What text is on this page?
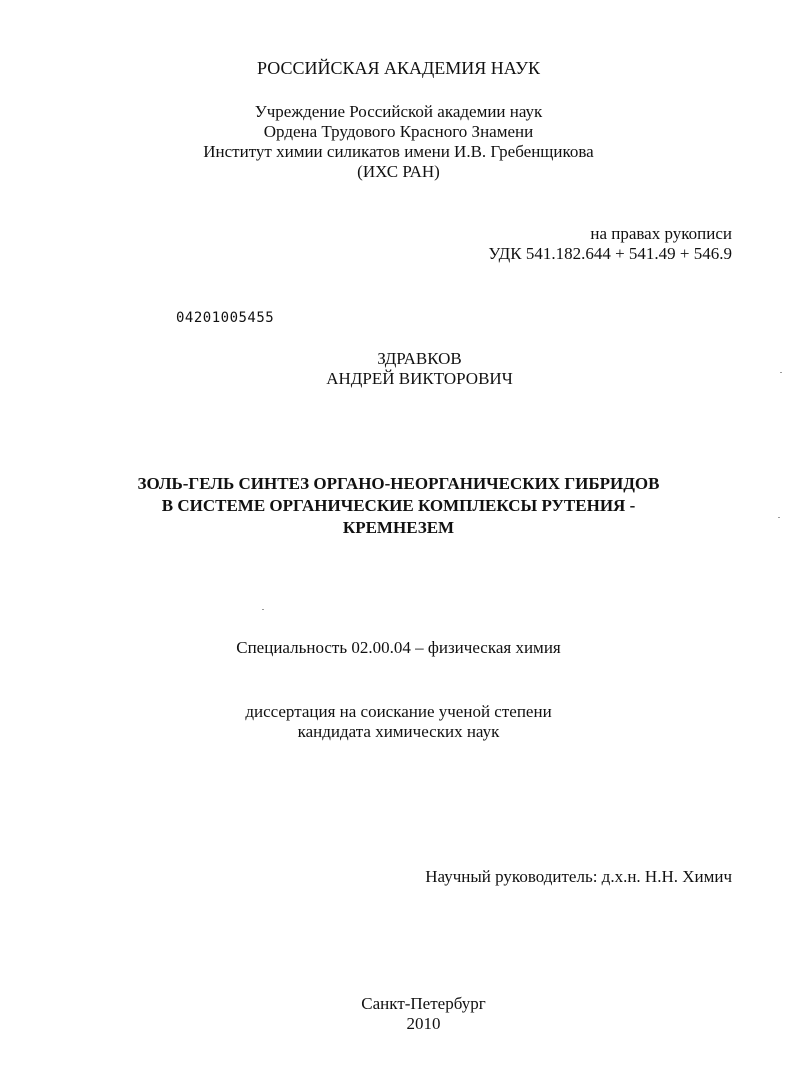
РОССИЙСКАЯ АКАДЕМИЯ НАУК
Учреждение Российской академии наук
Ордена Трудового Красного Знамени
Институт химии силикатов имени И.В. Гребенщикова
(ИХС РАН)
на правах рукописи
УДК 541.182.644 + 541.49 + 546.9
04201005455
ЗДРАВКОВ
АНДРЕЙ ВИКТОРОВИЧ
ЗОЛЬ-ГЕЛЬ СИНТЕЗ ОРГАНО-НЕОРГАНИЧЕСКИХ ГИБРИДОВ
В СИСТЕМЕ ОРГАНИЧЕСКИЕ КОМПЛЕКСЫ РУТЕНИЯ -
КРЕМНЕЗЕМ
Специальность 02.00.04 – физическая химия
диссертация на соискание ученой степени
кандидата химических наук
Научный руководитель: д.х.н. Н.Н. Химич
Санкт-Петербург
2010
